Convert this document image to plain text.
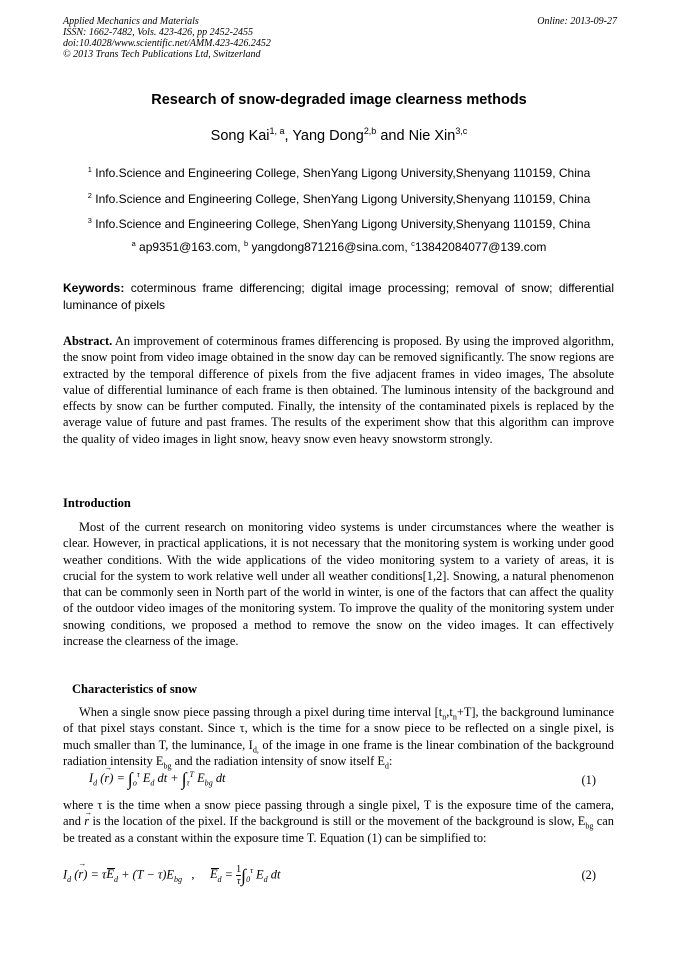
Applied Mechanics and Materials
ISSN: 1662-7482, Vols. 423-426, pp 2452-2455
doi:10.4028/www.scientific.net/AMM.423-426.2452
© 2013 Trans Tech Publications Ltd, Switzerland
Online: 2013-09-27
Research of snow-degraded image clearness methods
Song Kai$^{1, a}$, Yang Dong$^{2,b}$ and Nie Xin$^{3,c}$
$^1$ Info.Science and Engineering College, ShenYang Ligong University,Shenyang 110159, China
$^2$ Info.Science and Engineering College, ShenYang Ligong University,Shenyang 110159, China
$^3$ Info.Science and Engineering College, ShenYang Ligong University,Shenyang 110159, China
$^a$ ap9351@163.com, $^b$ yangdong871216@sina.com, $^c$13842084077@139.com
Keywords: coterminous frame differencing; digital image processing; removal of snow; differential luminance of pixels
Abstract. An improvement of coterminous frames differencing is proposed. By using the improved algorithm, the snow point from video image obtained in the snow day can be removed significantly. The snow regions are extracted by the temporal difference of pixels from the five adjacent frames in video images, The absolute value of differential luminance of each frame is then obtained. The luminous intensity of the background and effects by snow can be further computed. Finally, the intensity of the contaminated pixels is replaced by the average value of future and past frames. The results of the experiment show that this algorithm can improve the quality of video images in light snow, heavy snow even heavy snowstorm strongly.
Introduction
Most of the current research on monitoring video systems is under circumstances where the weather is clear. However, in practical applications, it is not necessary that the monitoring system is working under good weather conditions. With the wide applications of the video monitoring system to a variety of areas, it is crucial for the system to work relative well under all weather conditions[1,2]. Snowing, a natural phenomenon that can be commonly seen in North part of the world in winter, is one of the factors that can affect the quality of the outdoor video images of the monitoring system. To improve the quality of the monitoring system under snowing conditions, we proposed a method to remove the snow on the video images. It can effectively increase the clearness of the image.
Characteristics of snow
When a single snow piece passing through a pixel during time interval $[t_n,t_n+T]$, the background luminance of that pixel stays constant. Since τ, which is the time for a snow piece to be reflected on a single pixel, is much smaller than T, the luminance, $I_{d,}$ of the image in one frame is the linear combination of the background radiation intensity $E_{bg}$ and the radiation intensity of snow itself $E_d$:
$I_d$ (→ $r) = \int_o^\tau$ $E_d$ dt + $\int_\tau^T$ $E_{bg}$ dt	(1)
where τ is the time when a snow piece passing through a single pixel, T is the exposure time of the camera, and → r is the location of the pixel. If the background is still or the movement of the background is slow, $E_{bg}$ can be treated as a constant within the exposure time T. Equation (1) can be simplified to:
$I_d$ (→ $r) = \tau E_d + (T - \tau)E_{bg}$ , $E_d = \frac{1}{\tau} \int_0^\tau$ $E_d$ dt	(2)
